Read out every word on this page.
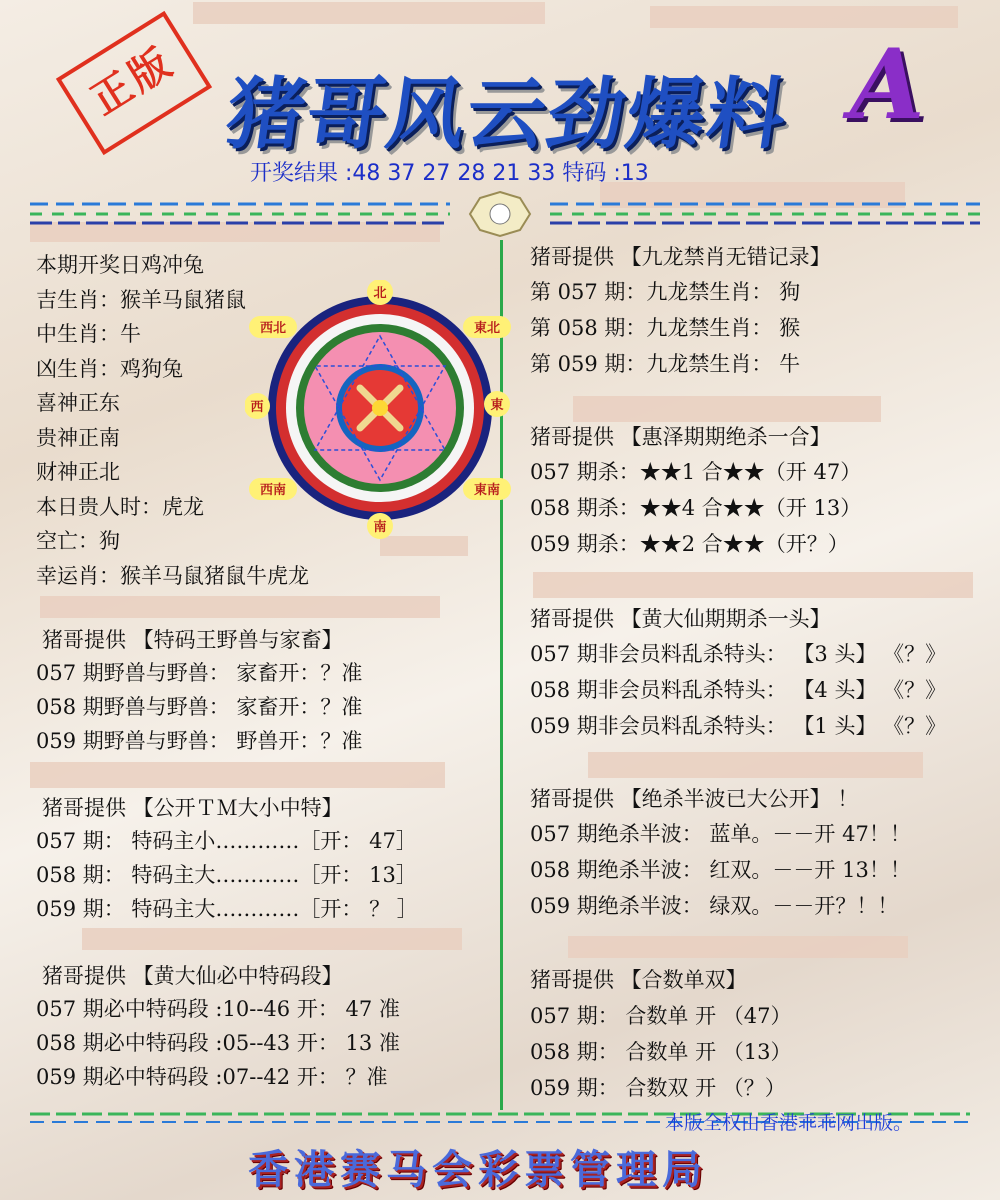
正版 猪哥风云劲爆料 A
开奖结果 :48 37 27 28 21 33 特码 :13
本期开奖日鸡冲兔
吉生肖：猴羊马鼠猪鼠
中生肖：牛
凶生肖：鸡狗兔
喜神正东
贵神正南
财神正北
本日贵人时：虎龙
空亡：狗
幸运肖：猴羊马鼠猪鼠牛虎龙
北
南
東
西
西北	東北
西南	東南
猪哥提供 【特码王野兽与家畜】
057 期野兽与野兽： 家畜开：？准
058 期野兽与野兽： 家畜开：？准
059 期野兽与野兽： 野兽开：？准
猪哥提供 【公开ＴＭ大小中特】
057 期： 特码主小…………［开： 47］
058 期： 特码主大…………［开： 13］
059 期： 特码主大…………［开： ？ ］
猪哥提供 【黄大仙必中特码段】
057 期必中特码段 :10--46 开： 47 准
058 期必中特码段 :05--43 开： 13 准
059 期必中特码段 :07--42 开： ？准
猪哥提供 【九龙禁肖无错记录】
第 057 期：九龙禁生肖： 狗
第 058 期：九龙禁生肖： 猴
第 059 期：九龙禁生肖： 牛
猪哥提供 【惠泽期期绝杀一合】
057 期杀：★★1 合★★（开 47）
058 期杀：★★4 合★★（开 13）
059 期杀：★★2 合★★（开？）
猪哥提供 【黄大仙期期杀一头】
057 期非会员料乱杀特头： 【3 头】 《？》
058 期非会员料乱杀特头： 【4 头】 《？》
059 期非会员料乱杀特头： 【1 头】 《？》
猪哥提供 【绝杀半波已大公开】 ！
057 期绝杀半波： 蓝单。－－开 47！！
058 期绝杀半波： 红双。－－开 13！！
059 期绝杀半波： 绿双。－－开？！！
猪哥提供 【合数单双】
057 期： 合数单 开 （47）
058 期： 合数单 开 （13）
059 期： 合数双 开 （？）
本版全权由香港乖乖网出版。
香港赛马会彩票管理局
